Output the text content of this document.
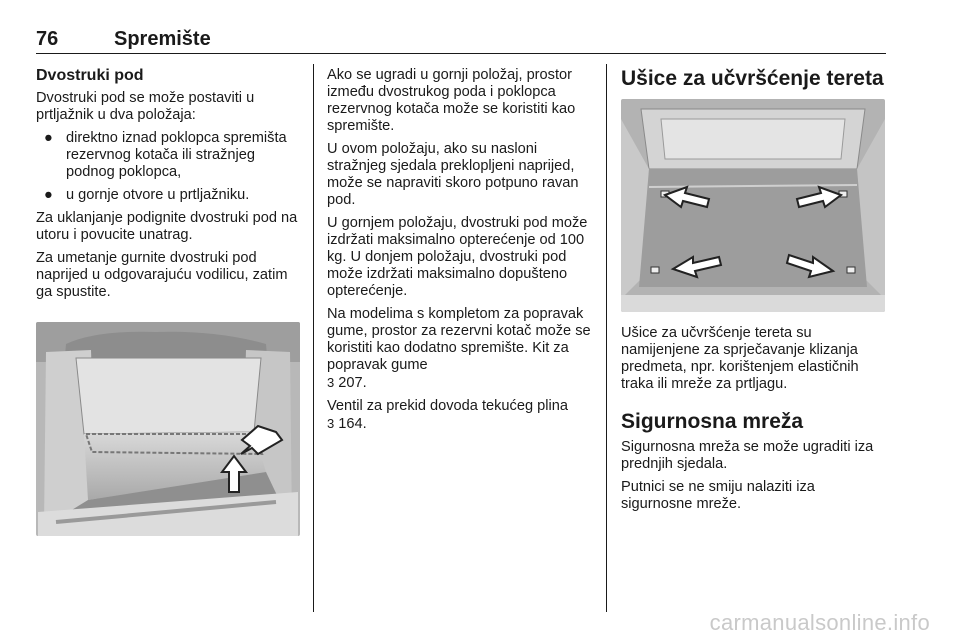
76	Spremište
Dvostruki pod

Dvostruki pod se može postaviti u prtljažnik u dva položaja:

● direktno iznad poklopca spremišta rezervnog kotača ili stražnjeg podnog poklopca,
● u gornje otvore u prtljažniku.

Za uklanjanje podignite dvostruki pod na utoru i povucite unatrag.

Za umetanje gurnite dvostruki pod naprijed u odgovarajuću vodilicu, zatim ga spustite.

Ako se ugradi u gornji položaj, prostor između dvostrukog poda i poklopca rezervnog kotača može se koristiti kao spremište.

U ovom položaju, ako su nasloni stražnjeg sjedala preklopljeni naprijed, može se napraviti skoro potpuno ravan pod.

U gornjem položaju, dvostruki pod može izdržati maksimalno opterećenje od 100 kg. U donjem položaju, dvostruki pod može izdržati maksimalno dopušteno opterećenje.

Na modelima s kompletom za popravak gume, prostor za rezervni kotač može se koristiti kao dodatno spremište. Kit za popravak gume
3 207.

Ventil za prekid dovoda tekućeg plina
3 164.

Ušice za učvršćenje tereta

Ušice za učvršćenje tereta su namijenjene za sprječavanje klizanja predmeta, npr. korištenjem elastičnih traka ili mreže za prtljagu.

Sigurnosna mreža

Sigurnosna mreža se može ugraditi iza prednjih sjedala.

Putnici se ne smiju nalaziti iza sigurnosne mreže.

carmanualsonline.info
